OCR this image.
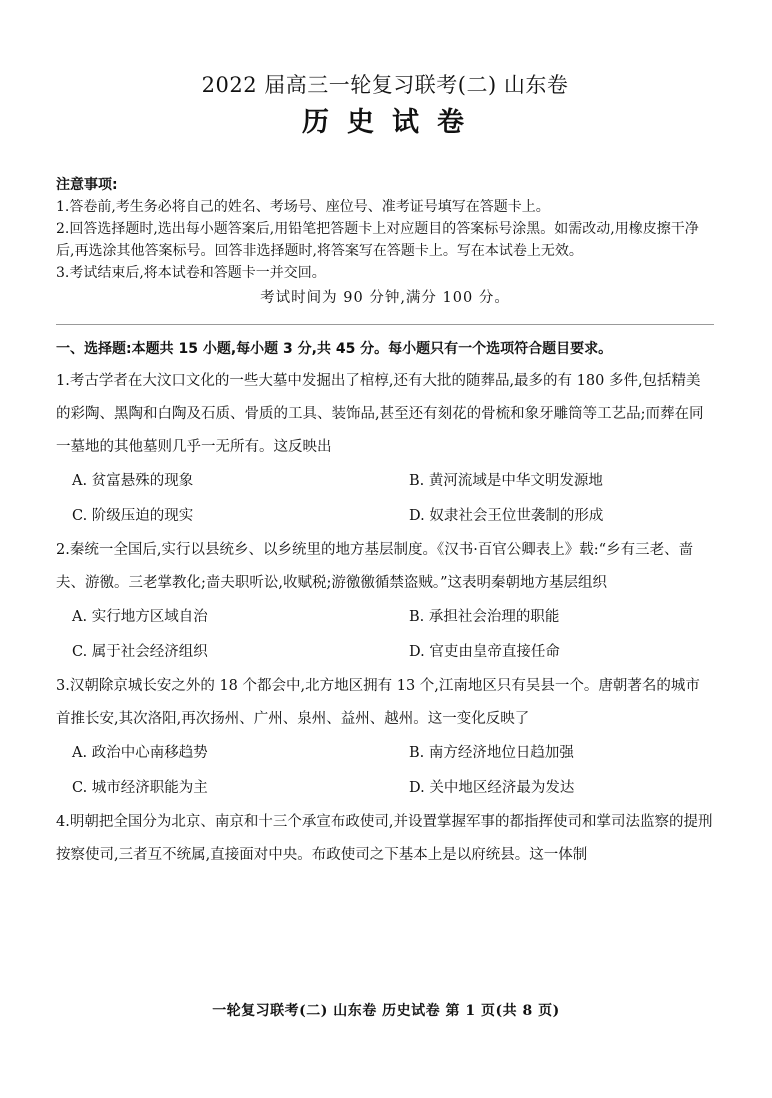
2022 届高三一轮复习联考(二) 山东卷
历史试卷
注意事项:

1.答卷前,考生务必将自己的姓名、考场号、座位号、准考证号填写在答题卡上。

2.回答选择题时,选出每小题答案后,用铅笔把答题卡上对应题目的答案标号涂黑。如需改动,用橡皮擦干净后,再选涂其他答案标号。回答非选择题时,将答案写在答题卡上。写在本试卷上无效。

3.考试结束后,将本试卷和答题卡一并交回。

考试时间为 90 分钟,满分 100 分。
一、选择题:本题共 15 小题,每小题 3 分,共 45 分。每小题只有一个选项符合题目要求。

1.考古学者在大汶口文化的一些大墓中发掘出了棺椁,还有大批的随葬品,最多的有 180 多件,包括精美的彩陶、黑陶和白陶及石质、骨质的工具、装饰品,甚至还有刻花的骨梳和象牙雕筒等工艺品;而葬在同一墓地的其他墓则几乎一无所有。这反映出

A. 贫富悬殊的现象	B. 黄河流域是中华文明发源地
C. 阶级压迫的现实	D. 奴隶社会王位世袭制的形成

2.秦统一全国后,实行以县统乡、以乡统里的地方基层制度。《汉书·百官公卿表上》载:“乡有三老、啬夫、游徼。三老掌教化;啬夫职听讼,收赋税;游徼徼循禁盗贼。”这表明秦朝地方基层组织

A. 实行地方区域自治	B. 承担社会治理的职能
C. 属于社会经济组织	D. 官吏由皇帝直接任命

3.汉朝除京城长安之外的 18 个都会中,北方地区拥有 13 个,江南地区只有吴县一个。唐朝著名的城市首推长安,其次洛阳,再次扬州、广州、泉州、益州、越州。这一变化反映了

A. 政治中心南移趋势	B. 南方经济地位日趋加强
C. 城市经济职能为主	D. 关中地区经济最为发达

4.明朝把全国分为北京、南京和十三个承宣布政使司,并设置掌握军事的都指挥使司和掌司法监察的提刑按察使司,三者互不统属,直接面对中央。布政使司之下基本上是以府统县。这一体制

一轮复习联考(二) 山东卷 历史试卷 第 1 页(共 8 页)
